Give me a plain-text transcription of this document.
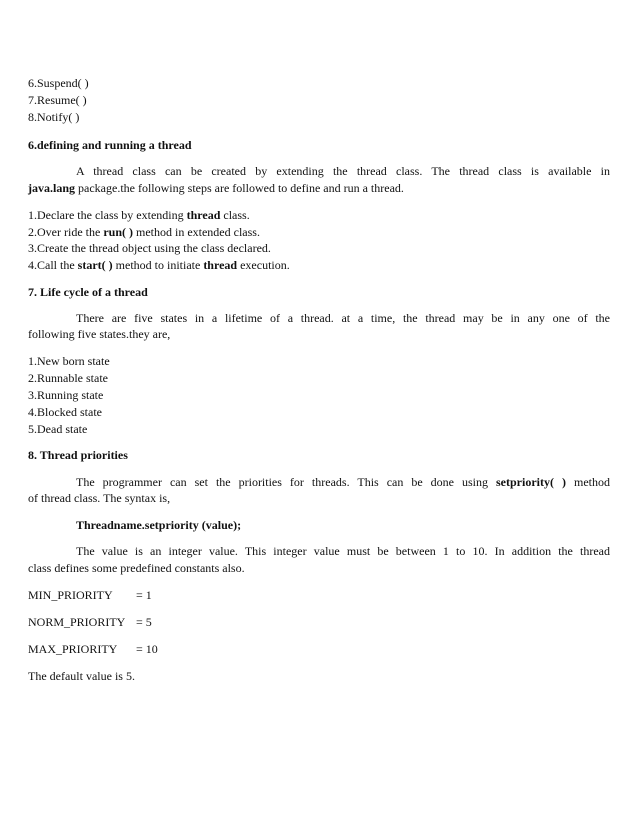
6.Suspend( )
7.Resume( )
8.Notify( )
6.defining and running a thread
A thread class can be created by extending the thread class. The thread class is available in
java.lang package.the following steps are followed to define and run a thread.
1.Declare the class by extending thread class.
2.Over ride the run( ) method in extended class.
3.Create the thread object using the class declared.
4.Call the start( ) method to initiate thread execution.
7. Life cycle of a thread
There are five states in a lifetime of a thread. at a time, the thread may be in any one of the
following five states.they are,
1.New born state
2.Runnable state
3.Running state
4.Blocked state
5.Dead state
8. Thread priorities
The programmer can set the priorities for threads. This can be done using setpriority( ) method
of thread class. The syntax is,
Threadname.setpriority (value);
The value is an integer value. This integer value must be between 1 to 10. In addition the thread
class defines some predefined constants also.
MIN_PRIORITY = 1
NORM_PRIORITY = 5
MAX_PRIORITY = 10
The default value is 5.
